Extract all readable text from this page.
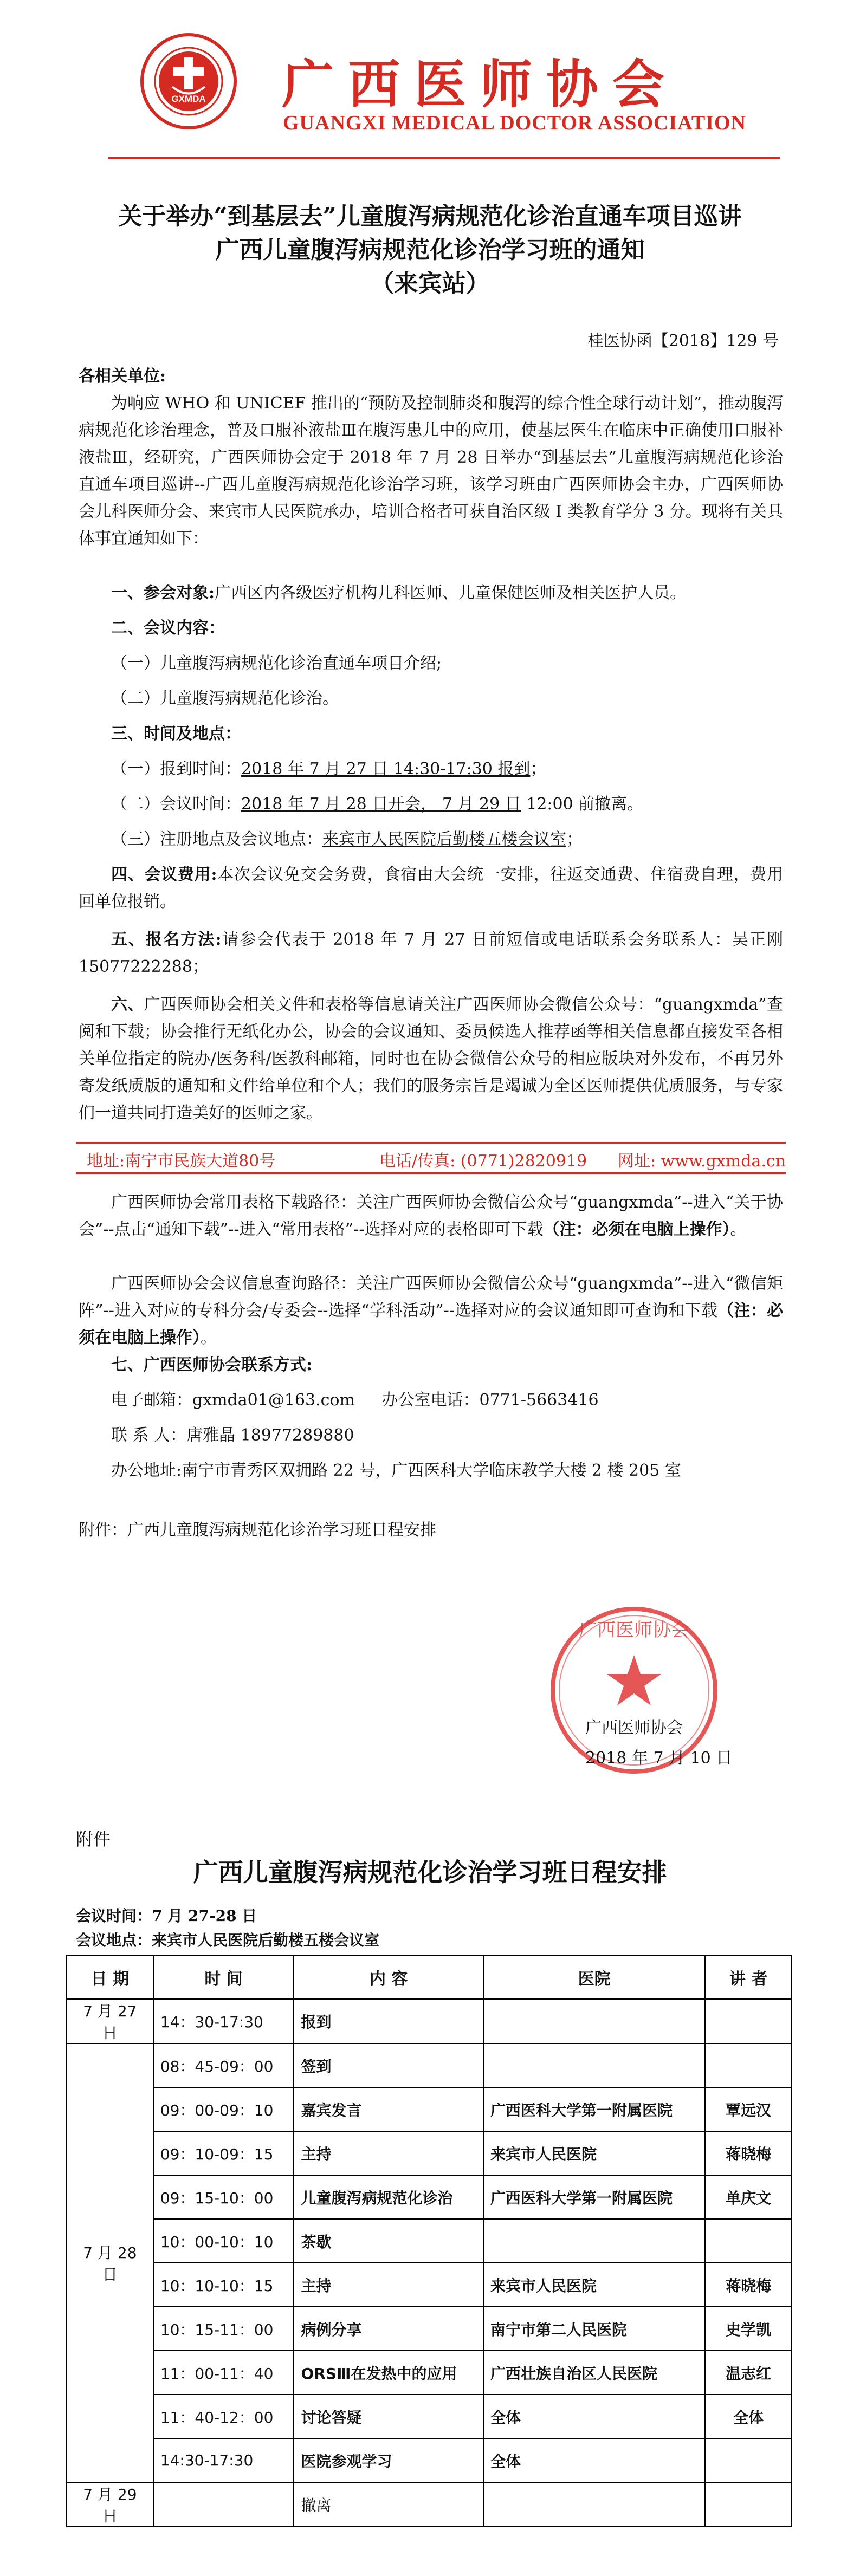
GXMDA 广西医师协会
GUANGXI MEDICAL DOCTOR ASSOCIATION
关于举办“到基层去”儿童腹泻病规范化诊治直通车项目巡讲
广西儿童腹泻病规范化诊治学习班的通知
（来宾站）
桂医协函【2018】129 号
各相关单位:
为响应 WHO 和 UNICEF 推出的“预防及控制肺炎和腹泻的综合性全球行动计划”，推动腹泻病规范化诊治理念，普及口服补液盐Ⅲ在腹泻患儿中的应用，使基层医生在临床中正确使用口服补液盐Ⅲ，经研究，广西医师协会定于 2018 年 7 月 28 日举办“到基层去”儿童腹泻病规范化诊治直通车项目巡讲--广西儿童腹泻病规范化诊治学习班，该学习班由广西医师协会主办，广西医师协会儿科医师分会、来宾市人民医院承办，培训合格者可获自治区级 I 类教育学分 3 分。现将有关具体事宜通知如下：
一、参会对象:广西区内各级医疗机构儿科医师、儿童保健医师及相关医护人员。
二、会议内容：
（一）儿童腹泻病规范化诊治直通车项目介绍;
（二）儿童腹泻病规范化诊治。
三、时间及地点：
（一）报到时间：2018 年 7 月 27 日 14:30-17:30 报到；
（二）会议时间：2018 年 7 月 28 日开会， 7 月 29 日 12:00 前撤离。
（三）注册地点及会议地点：来宾市人民医院后勤楼五楼会议室；
四、会议费用:本次会议免交会务费，食宿由大会统一安排，往返交通费、住宿费自理，费用回单位报销。
五、报名方法:请参会代表于 2018 年 7 月 27 日前短信或电话联系会务联系人：吴正刚 15077222288；
六、广西医师协会相关文件和表格等信息请关注广西医师协会微信公众号：“guangxmda”查阅和下载；协会推行无纸化办公，协会的会议通知、委员候选人推荐函等相关信息都直接发至各相关单位指定的院办/医务科/医教科邮箱，同时也在协会微信公众号的相应版块对外发布，不再另外寄发纸质版的通知和文件给单位和个人；我们的服务宗旨是竭诚为全区医师提供优质服务，与专家们一道共同打造美好的医师之家。
地址:南宁市民族大道80号	电话/传真: (0771)2820919 网址: www.gxmda.cn
广西医师协会常用表格下载路径：关注广西医师协会微信公众号“guangxmda”--进入“关于协会”--点击“通知下载”--进入“常用表格”--选择对应的表格即可下载（注：必须在电脑上操作）。
广西医师协会会议信息查询路径：关注广西医师协会微信公众号“guangxmda”--进入“微信矩阵”--进入对应的专科分会/专委会--选择“学科活动”--选择对应的会议通知即可查询和下载（注：必须在电脑上操作）。
七、广西医师协会联系方式:
电子邮箱：gxmda01@163.com 办公室电话：0771-5663416
联 系 人：唐雅晶 18977289880
办公地址:南宁市青秀区双拥路 22 号，广西医科大学临床教学大楼 2 楼 205 室
附件：广西儿童腹泻病规范化诊治学习班日程安排
广西医师协会
广西医师协会
2018 年 7 月 10 日
附件
广西儿童腹泻病规范化诊治学习班日程安排
会议时间：7 月 27-28 日
会议地点：来宾市人民医院后勤楼五楼会议室
日 期	时 间	内 容	医院	讲 者
7 月 27 日	14：30-17:30	报到		
7 月 28 日	08：45-09：00	签到		
	09：00-09：10	嘉宾发言	广西医科大学第一附属医院	覃远汉
	09：10-09：15	主持	来宾市人民医院	蒋晓梅
	09：15-10：00	儿童腹泻病规范化诊治	广西医科大学第一附属医院	单庆文
	10：00-10：10	茶歇		
	10：10-10：15	主持	来宾市人民医院	蒋晓梅
	10：15-11：00	病例分享	南宁市第二人民医院	史学凯
	11：00-11：40	ORSⅢ在发热中的应用	广西壮族自治区人民医院	温志红
	11：40-12：00	讨论答疑	全体	全体
	14:30-17:30	医院参观学习	全体	
7 月 29 日		撤离		
